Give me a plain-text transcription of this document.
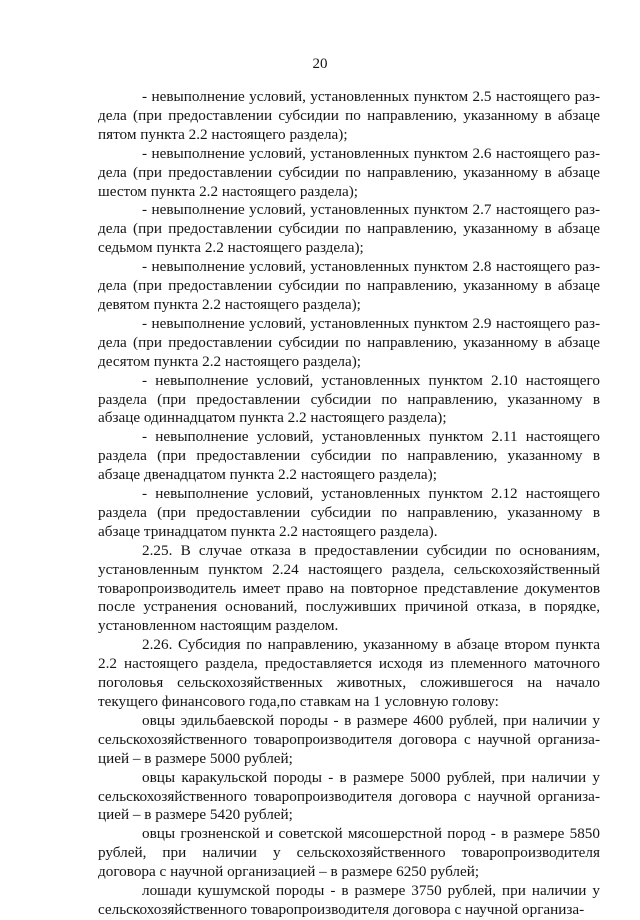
20

- невыполнение условий, установленных пунктом 2.5 настоящего раздела (при предоставлении субсидии по направлению, указанному в абзаце пятом пункта 2.2 настоящего раздела);

- невыполнение условий, установленных пунктом 2.6 настоящего раздела (при предоставлении субсидии по направлению, указанному в абзаце шестом пункта 2.2 настоящего раздела);

- невыполнение условий, установленных пунктом 2.7 настоящего раздела (при предоставлении субсидии по направлению, указанному в абзаце седьмом пункта 2.2 настоящего раздела);

- невыполнение условий, установленных пунктом 2.8 настоящего раздела (при предоставлении субсидии по направлению, указанному в абзаце девятом пункта 2.2 настоящего раздела);

- невыполнение условий, установленных пунктом 2.9 настоящего раздела (при предоставлении субсидии по направлению, указанному в абзаце десятом пункта 2.2 настоящего раздела);

- невыполнение условий, установленных пунктом 2.10 настоящего раздела (при предоставлении субсидии по направлению, указанному в абзаце одиннадцатом пункта 2.2 настоящего раздела);

- невыполнение условий, установленных пунктом 2.11 настоящего раздела (при предоставлении субсидии по направлению, указанному в абзаце двенадцатом пункта 2.2 настоящего раздела);

- невыполнение условий, установленных пунктом 2.12 настоящего раздела (при предоставлении субсидии по направлению, указанному в абзаце тринадцатом пункта 2.2 настоящего раздела).

2.25. В случае отказа в предоставлении субсидии по основаниям, установленным пунктом 2.24 настоящего раздела, сельскохозяйственный товаропроизводитель имеет право на повторное представление документов после устранения оснований, послуживших причиной отказа, в порядке, установленном настоящим разделом.

2.26. Субсидия по направлению, указанному в абзаце втором пункта 2.2 настоящего раздела, предоставляется исходя из племенного маточного поголовья сельскохозяйственных животных, сложившегося на начало текущего финансового года,по ставкам на 1 условную голову:

овцы эдильбаевской породы - в размере 4600 рублей, при наличии у сельскохозяйственного товаропроизводителя договора с научной организацией – в размере 5000 рублей;

овцы каракульской породы - в размере 5000 рублей, при наличии у сельскохозяйственного товаропроизводителя договора с научной организацией – в размере 5420 рублей;

овцы грозненской и советской мясошерстной пород - в размере 5850 рублей, при наличии у сельскохозяйственного товаропроизводителя договора с научной организацией – в размере 6250 рублей;

лошади кушумской породы - в размере 3750 рублей, при наличии у сельскохозяйственного товаропроизводителя договора с научной организа-
